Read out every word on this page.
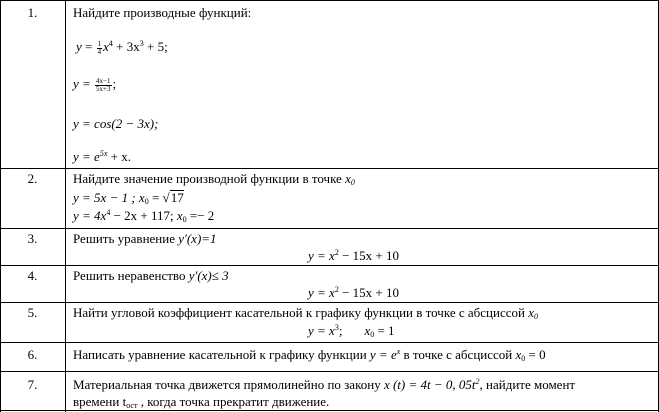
1.	Найдите производные функций:
$y = \frac{1}{4} x^4 + 3x^3 + 5$;
$y = \frac{4x-1}{5x+3}$ ;
y = cos(2 − 3x);
$y = e^{5x} + x$.
2.	Найдите значение производной функции в точке $x_0$
y = 5x − 1 ; $x_0 = √17$
$y = 4x^4 - 2x + 117$; $x_0 =- 2$
3.	Решить уравнение y′(x)=1
$y = x^2 - 15x + 10$
4.	Решить неравенство y′(x)≤ 3
$y = x^2 - 15x + 10$
5.	Найти угловой коэффициент касательной к графику функции в точке с абсциссой $x_0$
$y = x^3$; $x_0 = 1$
6.	Написать уравнение касательной к графику функции $y = e^x$ в точке с абсциссой $x_0 = 0$
7.	Материальная точка движется прямолинейно по закону x (t) = 4t − 0, $05t^2$, найдите момент
времени $t_{ост}$ , когда точка прекратит движение.
